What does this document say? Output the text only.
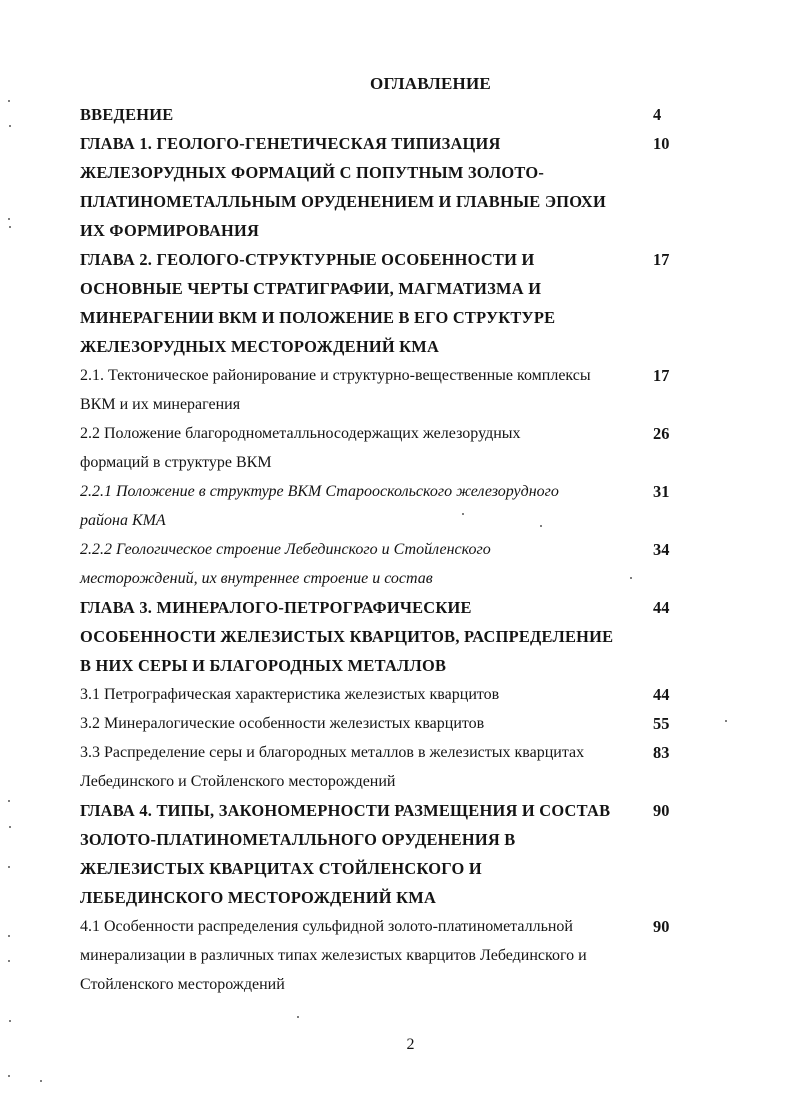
ОГЛАВЛЕНИЕ
ВВЕДЕНИЕ	4
ГЛАВА 1. ГЕОЛОГО-ГЕНЕТИЧЕСКАЯ ТИПИЗАЦИЯ
ЖЕЛЕЗОРУДНЫХ ФОРМАЦИЙ С ПОПУТНЫМ ЗОЛОТО-
ПЛАТИНОМЕТАЛЛЬНЫМ ОРУДЕНЕНИЕМ И ГЛАВНЫЕ ЭПОХИ
ИХ ФОРМИРОВАНИЯ
10
ГЛАВА 2. ГЕОЛОГО-СТРУКТУРНЫЕ ОСОБЕННОСТИ И
ОСНОВНЫЕ ЧЕРТЫ СТРАТИГРАФИИ, МАГМАТИЗМА И
МИНЕРАГЕНИИ ВКМ И ПОЛОЖЕНИЕ В ЕГО СТРУКТУРЕ
ЖЕЛЕЗОРУДНЫХ МЕСТОРОЖДЕНИЙ КМА
17
2.1. Тектоническое районирование и структурно-вещественные комплексы
ВКМ и их минерагения
17
2.2 Положение благороднометалльносодержащих железорудных
формаций в структуре ВКМ
26
2.2.1 Положение в структуре ВКМ Старооскольского железорудного
района КМА
31
2.2.2 Геологическое строение Лебединского и Стойленского
месторождений, их внутреннее строение и состав
34
ГЛАВА 3. МИНЕРАЛОГО-ПЕТРОГРАФИЧЕСКИЕ
ОСОБЕННОСТИ ЖЕЛЕЗИСТЫХ КВАРЦИТОВ, РАСПРЕДЕЛЕНИЕ
В НИХ СЕРЫ И БЛАГОРОДНЫХ МЕТАЛЛОВ
44
3.1 Петрографическая характеристика железистых кварцитов	44
3.2 Минералогические особенности железистых кварцитов	55
3.3 Распределение серы и благородных металлов в железистых кварцитах
Лебединского и Стойленского месторождений
83
ГЛАВА 4. ТИПЫ, ЗАКОНОМЕРНОСТИ РАЗМЕЩЕНИЯ И СОСТАВ
ЗОЛОТО-ПЛАТИНОМЕТАЛЛЬНОГО ОРУДЕНЕНИЯ В
ЖЕЛЕЗИСТЫХ КВАРЦИТАХ СТОЙЛЕНСКОГО И
ЛЕБЕДИНСКОГО МЕСТОРОЖДЕНИЙ КМА
90
4.1 Особенности распределения сульфидной золото-платинометалльной
минерализации в различных типах железистых кварцитов Лебединского и
Стойленского месторождений
90
2
